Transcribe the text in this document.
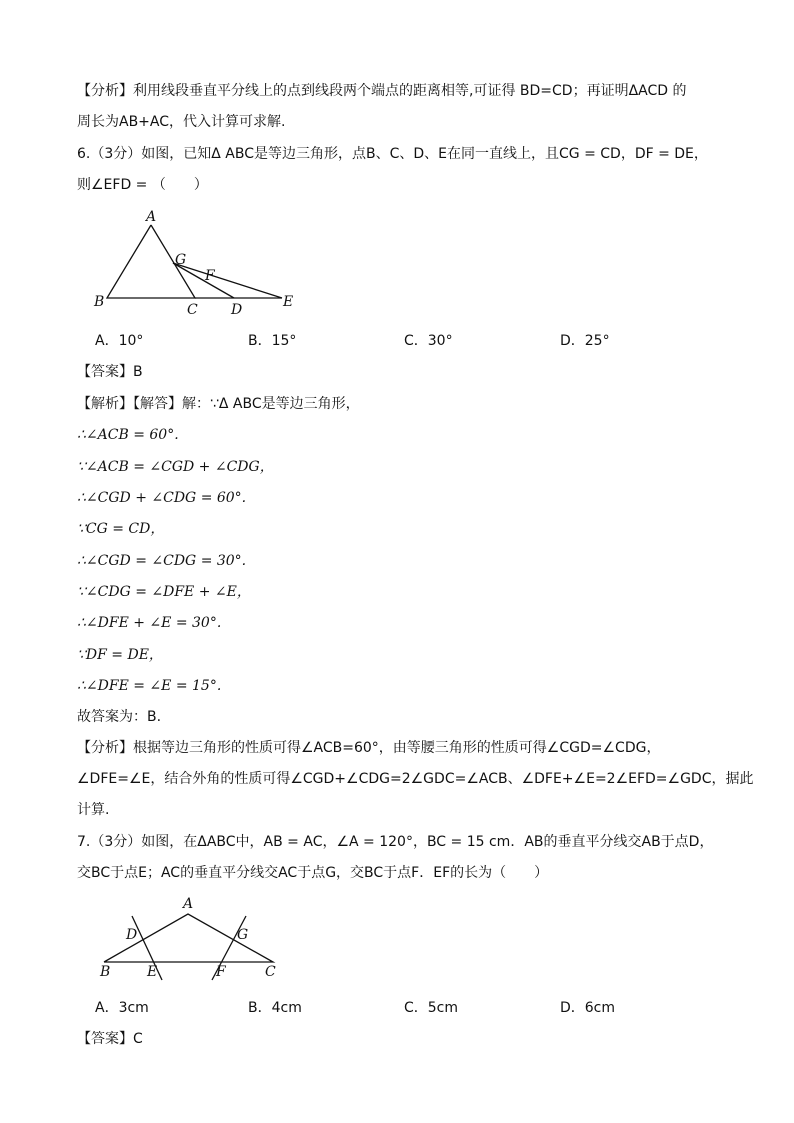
【分析】利用线段垂直平分线上的点到线段两个端点的距离相等,可证得 BD=CD；再证明ΔACD 的
周长为AB+AC，代入计算可求解.
6.（3分）如图，已知Δ ABC是等边三角形，点B、C、D、E在同一直线上，且CG = CD，DF = DE，
则∠EFD = （　　）
A
G
F
B	C D	E
A
D	G
B	E	F	C
A．10°	B．15°	C．30°	D．25°
【答案】B
【解析】【解答】解：∵Δ ABC是等边三角形，
∴∠ACB = 60°.
∵∠ACB = ∠CGD + ∠CDG，
∴∠CGD + ∠CDG = 60°.
∵CG = CD，
∴∠CGD = ∠CDG = 30°.
∵∠CDG = ∠DFE + ∠E，
∴∠DFE + ∠E = 30°.
∵DF = DE，
∴∠DFE = ∠E = 15°.
故答案为：B.
【分析】根据等边三角形的性质可得∠ACB=60°，由等腰三角形的性质可得∠CGD=∠CDG，
∠DFE=∠E，结合外角的性质可得∠CGD+∠CDG=2∠GDC=∠ACB、∠DFE+∠E=2∠EFD=∠GDC，据此
计算.
7.（3分）如图，在ΔABC中，AB = AC，∠A = 120°，BC = 15 cm．AB的垂直平分线交AB于点D，
交BC于点E；AC的垂直平分线交AC于点G，交BC于点F．EF的长为（　　）
A．3cm	B．4cm	C．5cm	D．6cm
【答案】C
